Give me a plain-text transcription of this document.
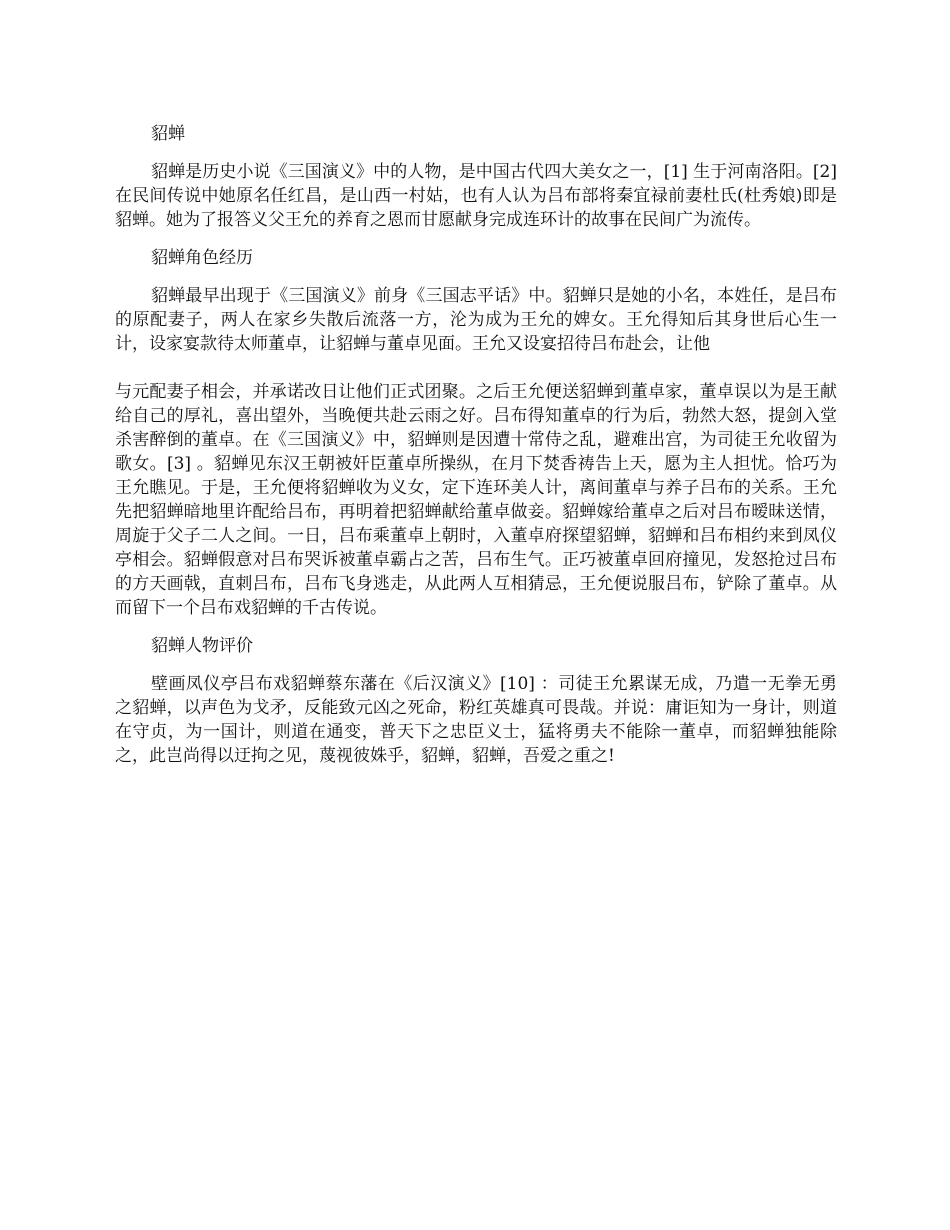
貂蝉

貂蝉是历史小说《三国演义》中的人物，是中国古代四大美女之一，[1] 生于河南洛阳。[2] 在民间传说中她原名任红昌，是山西一村姑，也有人认为吕布部将秦宜禄前妻杜氏(杜秀娘)即是貂蝉。她为了报答义父王允的养育之恩而甘愿献身完成连环计的故事在民间广为流传。

貂蝉角色经历

貂蝉最早出现于《三国演义》前身《三国志平话》中。貂蝉只是她的小名，本姓任，是吕布的原配妻子，两人在家乡失散后流落一方，沦为成为王允的婢女。王允得知后其身世后心生一计，设家宴款待太师董卓，让貂蝉与董卓见面。王允又设宴招待吕布赴会，让他

与元配妻子相会，并承诺改日让他们正式团聚。之后王允便送貂蝉到董卓家，董卓误以为是王献给自己的厚礼，喜出望外，当晚便共赴云雨之好。吕布得知董卓的行为后，勃然大怒，提剑入堂杀害醉倒的董卓。在《三国演义》中，貂蝉则是因遭十常侍之乱，避难出宫，为司徒王允收留为歌女。[3] 。貂蝉见东汉王朝被奸臣董卓所操纵，在月下焚香祷告上天，愿为主人担忧。恰巧为王允瞧见。于是，王允便将貂蝉收为义女，定下连环美人计，离间董卓与养子吕布的关系。王允先把貂蝉暗地里许配给吕布，再明着把貂蝉献给董卓做妾。貂蝉嫁给董卓之后对吕布暧昧送情，周旋于父子二人之间。一日，吕布乘董卓上朝时，入董卓府探望貂蝉，貂蝉和吕布相约来到凤仪亭相会。貂蝉假意对吕布哭诉被董卓霸占之苦，吕布生气。正巧被董卓回府撞见，发怒抢过吕布的方天画戟，直刺吕布，吕布飞身逃走，从此两人互相猜忌，王允便说服吕布，铲除了董卓。从而留下一个吕布戏貂蝉的千古传说。

貂蝉人物评价

壁画凤仪亭吕布戏貂蝉蔡东藩在《后汉演义》[10] ：司徒王允累谋无成，乃遣一无拳无勇之貂蝉，以声色为戈矛，反能致元凶之死命，粉红英雄真可畏哉。并说：庸讵知为一身计，则道在守贞，为一国计，则道在通变，普天下之忠臣义士，猛将勇夫不能除一董卓，而貂蝉独能除之，此岂尚得以迂拘之见，蔑视彼姝乎，貂蝉，貂蝉，吾爱之重之!
